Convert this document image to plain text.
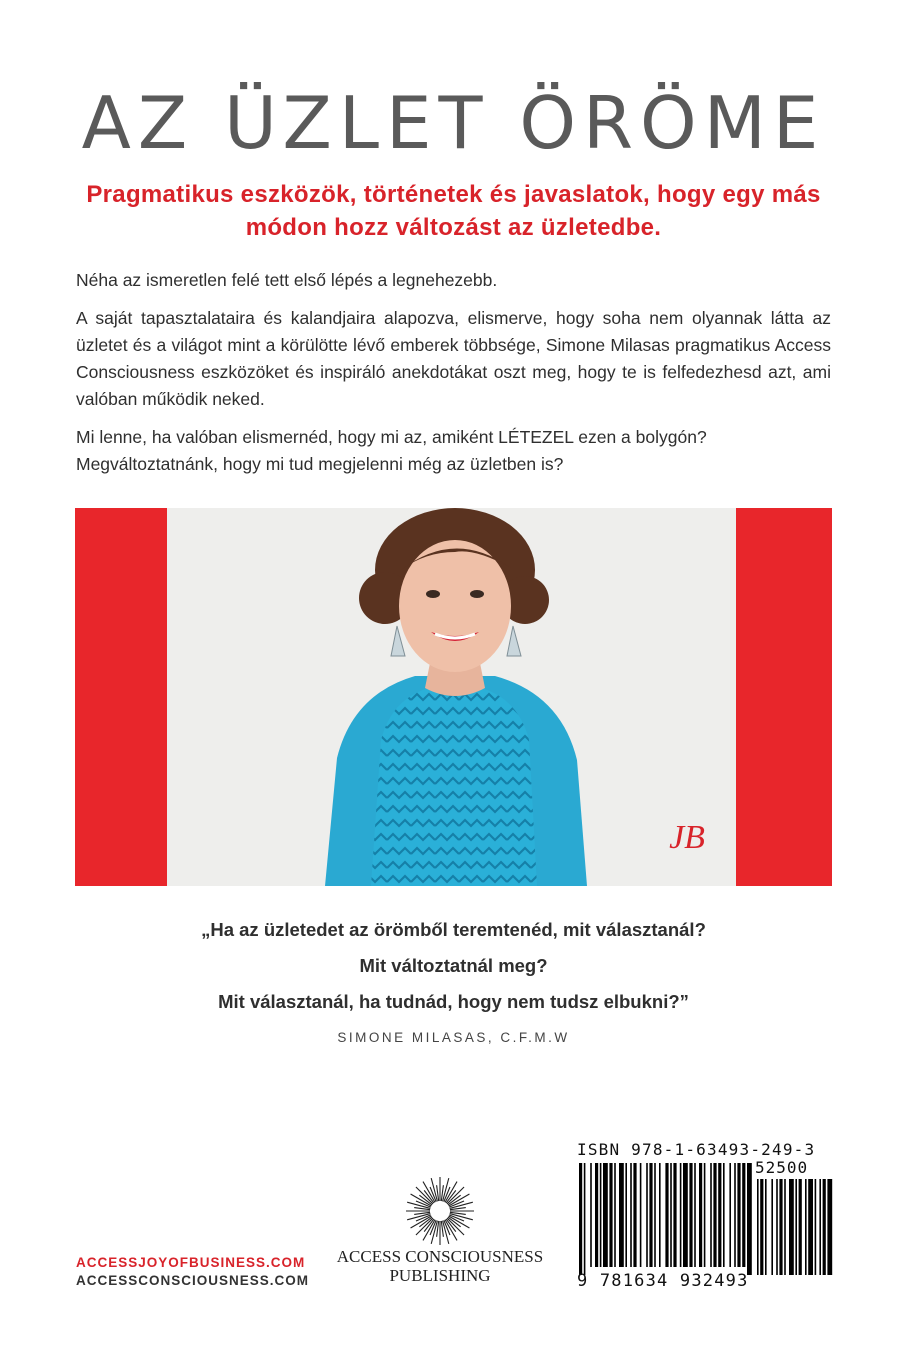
AZ ÜZLET ÖRÖME
Pragmatikus eszközök, történetek és javaslatok, hogy egy más módon hozz változást az üzletedbe.
Néha az ismeretlen felé tett első lépés a legnehezebb.
A saját tapasztalataira és kalandjaira alapozva, elismerve, hogy soha nem olyannak látta az üzletet és a világot mint a körülötte lévő emberek többsége, Simone Milasas pragmatikus Access Consciousness eszközöket és inspiráló anekdotákat oszt meg, hogy te is felfedezhesd azt, ami valóban működik neked.
Mi lenne, ha valóban elismernéd, hogy mi az, amiként LÉTEZEL ezen a bolygón? Megváltoztatnánk, hogy mi tud megjelenni még az üzletben is?
JB
„Ha az üzletedet az örömből teremtenéd, mit választanál?
Mit változtatnál meg?
Mit választanál, ha tudnád, hogy nem tudsz elbukni?”
SIMONE MILASAS, C.F.M.W
ACCESSJOYOFBUSINESS.COM
ACCESSCONSCIOUSNESS.COM
ACCESS CONSCIOUSNESS
PUBLISHING
ISBN 978-1-63493-249-3
52500
9 781634 932493
